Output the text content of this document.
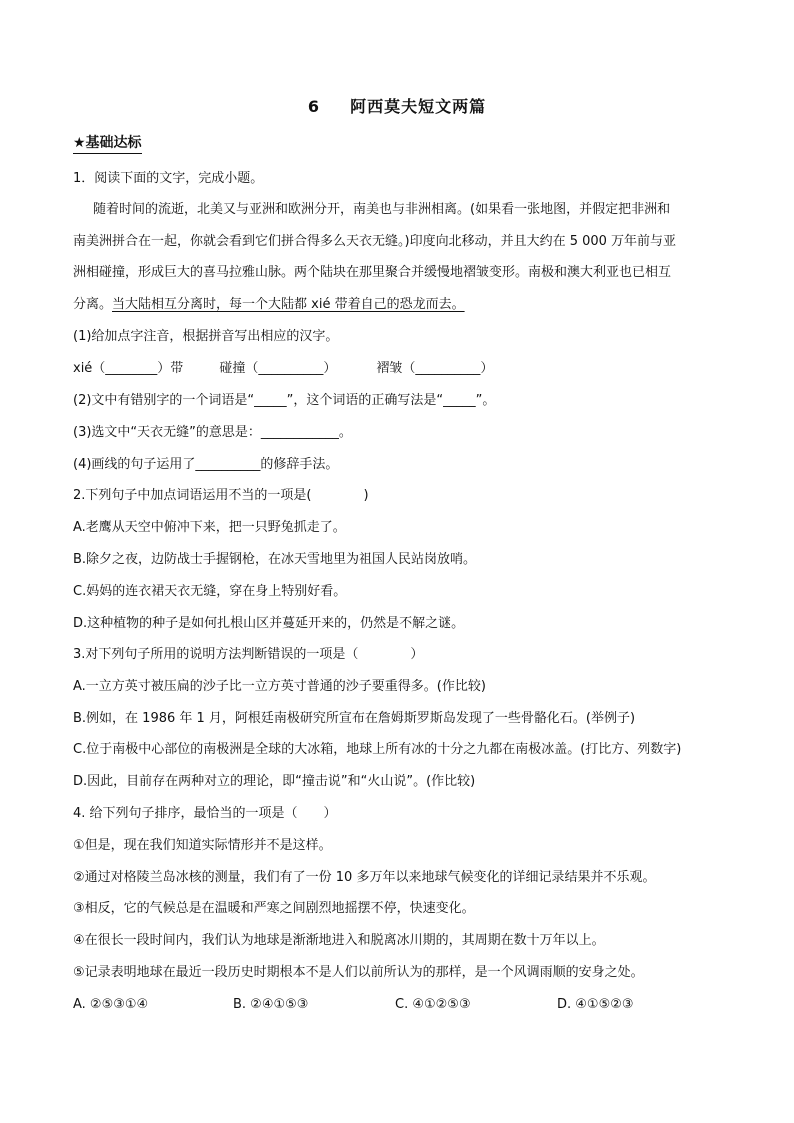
6 阿西莫夫短文两篇
★基础达标
1．阅读下面的文字，完成小题。
随着时间的流逝，北美又与亚洲和欧洲分开，南美也与非洲相离。(如果看一张地图，并假定把非洲和
南美洲拼合在一起，你就会看到它们拼合得多么天衣无缝。)印度向北移动，并且大约在 5 000 万年前与亚
洲相碰撞，形成巨大的喜马拉雅山脉。两个陆块在那里聚合并缓慢地褶皱变形。南极和澳大利亚也已相互
分离。当大陆相互分离时，每一个大陆都 xié 带着自己的恐龙而去。
(1)给加点字注音，根据拼音写出相应的汉字。
xié（________）带	碰撞（__________）	褶皱（__________）
(2)文中有错别字的一个词语是“_____”，这个词语的正确写法是“_____”。
(3)选文中“天衣无缝”的意思是：____________。
(4)画线的句子运用了__________的修辞手法。
2.下列句子中加点词语运用不当的一项是(　　　　)
A.老鹰从天空中俯冲下来，把一只野兔抓走了。
B.除夕之夜，边防战士手握钢枪，在冰天雪地里为祖国人民站岗放哨。
C.妈妈的连衣裙天衣无缝，穿在身上特别好看。
D.这种植物的种子是如何扎根山区并蔓延开来的，仍然是不解之谜。
3.对下列句子所用的说明方法判断错误的一项是（　　　　）
A.一立方英寸被压扁的沙子比一立方英寸普通的沙子要重得多。(作比较)
B.例如，在 1986 年 1 月，阿根廷南极研究所宣布在詹姆斯罗斯岛发现了一些骨骼化石。(举例子)
C.位于南极中心部位的南极洲是全球的大冰箱，地球上所有冰的十分之九都在南极冰盖。(打比方、列数字)
D.因此，目前存在两种对立的理论，即“撞击说”和“火山说”。(作比较)
4. 给下列句子排序，最恰当的一项是（　　）
①但是，现在我们知道实际情形并不是这样。
②通过对格陵兰岛冰核的测量，我们有了一份 10 多万年以来地球气候变化的详细记录结果并不乐观。
③相反，它的气候总是在温暖和严寒之间剧烈地摇摆不停，快速变化。
④在很长一段时间内，我们认为地球是渐渐地进入和脱离冰川期的，其周期在数十万年以上。
⑤记录表明地球在最近一段历史时期根本不是人们以前所认为的那样，是一个风调雨顺的安身之处。
A. ②⑤③①④	B. ②④①⑤③	C. ④①②⑤③	D. ④①⑤②③
